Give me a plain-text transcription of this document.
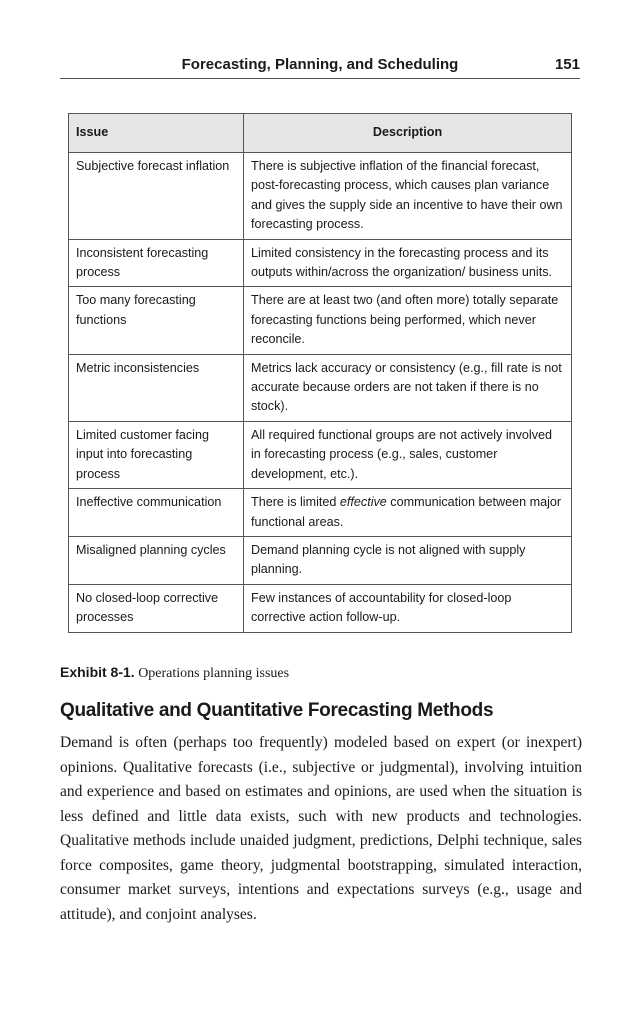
Forecasting, Planning, and Scheduling	151
Issue	Description
Subjective forecast inflation	There is subjective inflation of the financial forecast, post-forecasting process, which causes plan variance and gives the supply side an incentive to have their own forecasting process.
Inconsistent forecasting process	Limited consistency in the forecasting process and its outputs within/across the organization/ business units.
Too many forecasting functions	There are at least two (and often more) totally separate forecasting functions being performed, which never reconcile.
Metric inconsistencies	Metrics lack accuracy or consistency (e.g., fill rate is not accurate because orders are not taken if there is no stock).
Limited customer facing input into forecasting process	All required functional groups are not actively involved in forecasting process (e.g., sales, customer development, etc.).
Ineffective communication	There is limited effective communication between major functional areas.
Misaligned planning cycles	Demand planning cycle is not aligned with supply planning.
No closed-loop corrective processes	Few instances of accountability for closed-loop corrective action follow-up.
Exhibit 8-1. Operations planning issues
Qualitative and Quantitative Forecasting Methods

Demand is often (perhaps too frequently) modeled based on expert (or inexpert) opinions. Qualitative forecasts (i.e., subjective or judgmental), involving intuition and experience and based on estimates and opinions, are used when the situation is less defined and little data exists, such with new products and technologies. Qualitative methods include unaided judgment, predictions, Delphi technique, sales force composites, game theory, judgmental bootstrapping, simulated interaction, consumer market surveys, intentions and expectations surveys (e.g., usage and attitude), and conjoint analyses.
